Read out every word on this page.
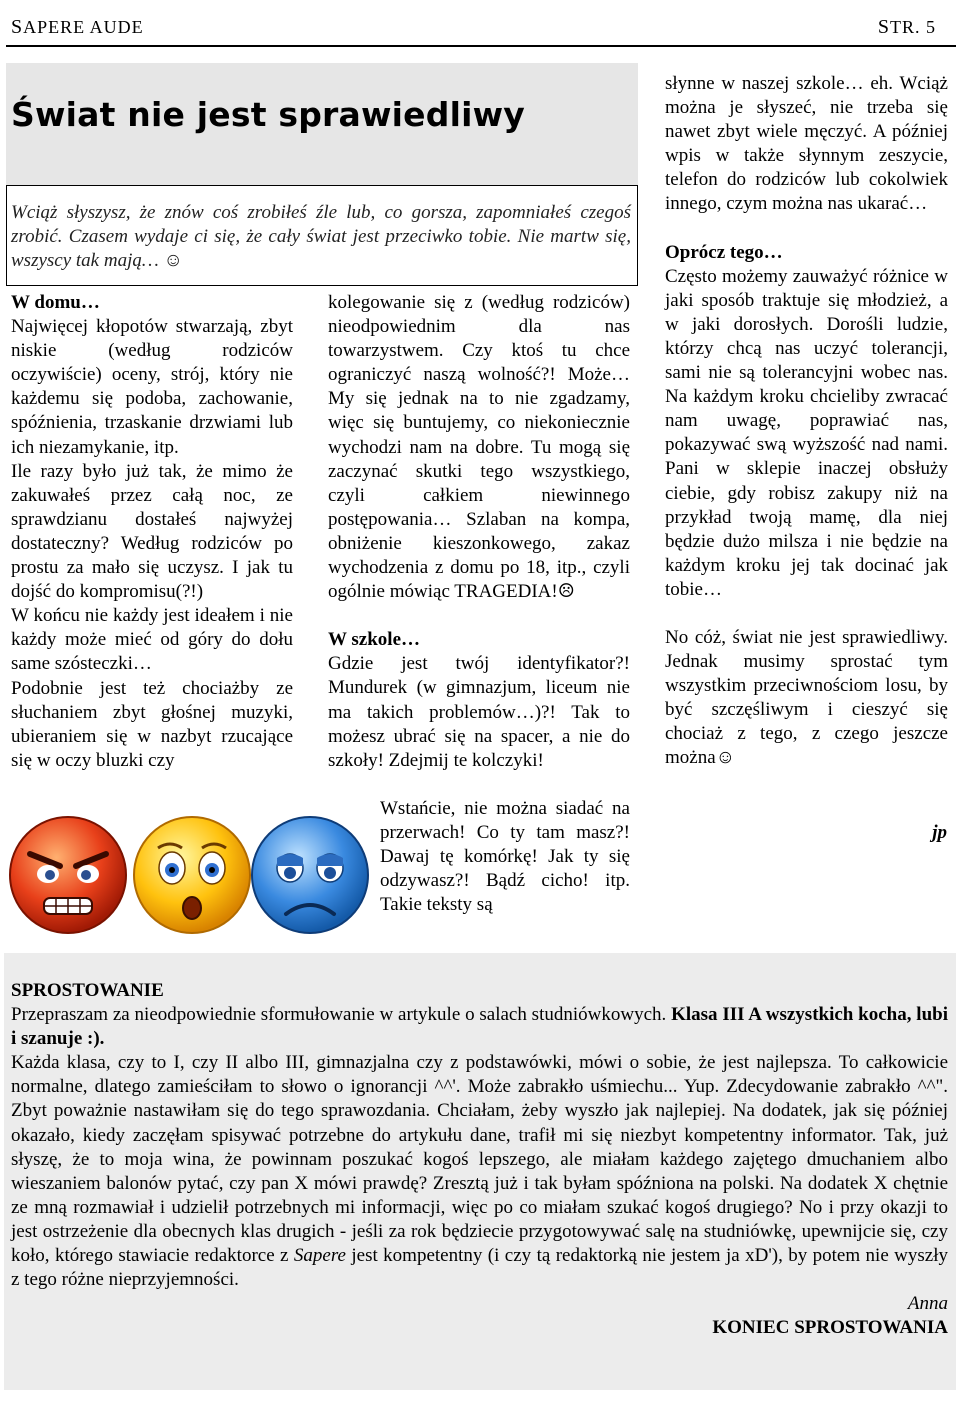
SAPERE AUDE	STR. 5
Świat nie jest sprawiedliwy
Wciąż słyszysz, że znów coś zrobiłeś źle lub, co gorsza, zapomniałeś czegoś zrobić. Czasem wydaje ci się, że cały świat jest przeciwko tobie. Nie martw się, wszyscy tak mają… ☺

W domu…

Najwięcej kłopotów stwarzają, zbyt niskie (według rodziców oczywiście) oceny, strój, który nie każdemu się podoba, zachowanie, spóźnienia, trzaskanie drzwiami lub ich niezamykanie, itp.

Ile razy było już tak, że mimo że zakuwałeś przez całą noc, ze sprawdzianu dostałeś najwyżej dostateczny? Według rodziców po prostu za mało się uczysz. I jak tu dojść do kompromisu(?!)

W końcu nie każdy jest ideałem i nie każdy może mieć od góry do dołu same szósteczki…

Podobnie jest też chociażby ze słuchaniem zbyt głośnej muzyki, ubieraniem się w nazbyt rzucające się w oczy bluzki czy

kolegowanie się z (według rodziców) nieodpowiednim dla nas towarzystwem. Czy ktoś tu chce ograniczyć naszą wolność?! Może… My się jednak na to nie zgadzamy, więc się buntujemy, co niekoniecznie wychodzi nam na dobre. Tu mogą się zaczynać skutki tego wszystkiego, czyli całkiem niewinnego postępowania… Szlaban na kompa, obniżenie kieszonkowego, zakaz wychodzenia z domu po 18, itp., czyli ogólnie mówiąc TRAGEDIA!☹

W szkole…

Gdzie jest twój identyfikator?! Mundurek (w gimnazjum, liceum nie ma takich problemów…)?! Tak to możesz ubrać się na spacer, a nie do szkoły! Zdejmij te kolczyki!

Wstańcie, nie można siadać na przerwach! Co ty tam masz?! Dawaj tę komórkę! Jak ty się odzywasz?! Bądź cicho! itp. Takie teksty są

słynne w naszej szkole… eh. Wciąż można je słyszeć, nie trzeba się nawet zbyt wiele męczyć. A później wpis w także słynnym zeszycie, telefon do rodziców lub cokolwiek innego, czym można nas ukarać…

Oprócz tego…

Często możemy zauważyć różnice w jaki sposób traktuje się młodzież, a w jaki dorosłych. Dorośli ludzie, którzy chcą nas uczyć tolerancji, sami nie są tolerancyjni wobec nas. Na każdym kroku chcieliby zwracać nam uwagę, poprawiać nas, pokazywać swą wyższość nad nami. Pani w sklepie inaczej obsłuży ciebie, gdy robisz zakupy niż na przykład twoją mamę, dla niej będzie dużo milsza i nie będzie na każdym kroku jej tak docinać jak tobie…

No cóż, świat nie jest sprawiedliwy. Jednak musimy sprostać tym wszystkim przeciwnościom losu, by być szczęśliwym i cieszyć się chociaż z tego, z czego jeszcze można☺

jp

SPROSTOWANIE

Przepraszam za nieodpowiednie sformułowanie w artykule o salach studniówkowych. Klasa III A wszystkich kocha, lubi i szanuje :).

Każda klasa, czy to I, czy II albo III, gimnazjalna czy z podstawówki, mówi o sobie, że jest najlepsza. To całkowicie normalne, dlatego zamieściłam to słowo o ignorancji ^^'. Może zabrakło uśmiechu... Yup. Zdecydowanie zabrakło ^^". Zbyt poważnie nastawiłam się do tego sprawozdania. Chciałam, żeby wyszło jak najlepiej. Na dodatek, jak się później okazało, kiedy zaczęłam spisywać potrzebne do artykułu dane, trafił mi się niezbyt kompetentny informator. Tak, już słyszę, że to moja wina, że powinnam poszukać kogoś lepszego, ale miałam każdego zajętego dmuchaniem albo wieszaniem balonów pytać, czy pan X mówi prawdę? Zresztą już i tak byłam spóźniona na polski. Na dodatek X chętnie ze mną rozmawiał i udzielił potrzebnych mi informacji, więc po co miałam szukać kogoś drugiego? No i przy okazji to jest ostrzeżenie dla obecnych klas drugich - jeśli za rok będziecie przygotowywać salę na studniówkę, upewnijcie się, czy koło, którego stawiacie redaktorce z Sapere jest kompetentny (i czy tą redaktorką nie jestem ja xD'), by potem nie wyszły z tego różne nieprzyjemności.

Anna

KONIEC SPROSTOWANIA
